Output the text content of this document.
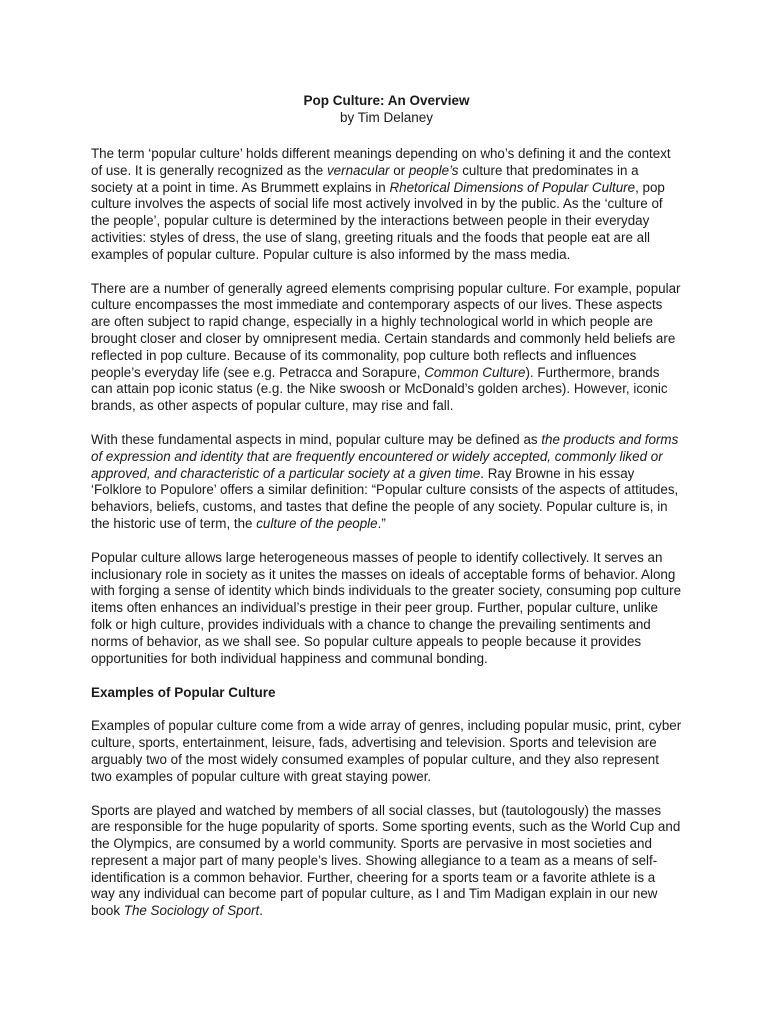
Pop Culture: An Overview

by Tim Delaney

The term ‘popular culture’ holds different meanings depending on who’s defining it and the context of use. It is generally recognized as the vernacular or people’s culture that predominates in a society at a point in time. As Brummett explains in Rhetorical Dimensions of Popular Culture, pop culture involves the aspects of social life most actively involved in by the public. As the ‘culture of the people’, popular culture is determined by the interactions between people in their everyday activities: styles of dress, the use of slang, greeting rituals and the foods that people eat are all examples of popular culture. Popular culture is also informed by the mass media.

There are a number of generally agreed elements comprising popular culture. For example, popular culture encompasses the most immediate and contemporary aspects of our lives. These aspects are often subject to rapid change, especially in a highly technological world in which people are brought closer and closer by omnipresent media. Certain standards and commonly held beliefs are reflected in pop culture. Because of its commonality, pop culture both reflects and influences people’s everyday life (see e.g. Petracca and Sorapure, Common Culture). Furthermore, brands can attain pop iconic status (e.g. the Nike swoosh or McDonald’s golden arches). However, iconic brands, as other aspects of popular culture, may rise and fall.

With these fundamental aspects in mind, popular culture may be defined as the products and forms of expression and identity that are frequently encountered or widely accepted, commonly liked or approved, and characteristic of a particular society at a given time. Ray Browne in his essay ‘Folklore to Populore’ offers a similar definition: “Popular culture consists of the aspects of attitudes, behaviors, beliefs, customs, and tastes that define the people of any society. Popular culture is, in the historic use of term, the culture of the people.”

Popular culture allows large heterogeneous masses of people to identify collectively. It serves an inclusionary role in society as it unites the masses on ideals of acceptable forms of behavior. Along with forging a sense of identity which binds individuals to the greater society, consuming pop culture items often enhances an individual’s prestige in their peer group. Further, popular culture, unlike folk or high culture, provides individuals with a chance to change the prevailing sentiments and norms of behavior, as we shall see. So popular culture appeals to people because it provides opportunities for both individual happiness and communal bonding.

Examples of Popular Culture

Examples of popular culture come from a wide array of genres, including popular music, print, cyber culture, sports, entertainment, leisure, fads, advertising and television. Sports and television are arguably two of the most widely consumed examples of popular culture, and they also represent two examples of popular culture with great staying power.

Sports are played and watched by members of all social classes, but (tautologously) the masses are responsible for the huge popularity of sports. Some sporting events, such as the World Cup and the Olympics, are consumed by a world community. Sports are pervasive in most societies and represent a major part of many people’s lives. Showing allegiance to a team as a means of self-identification is a common behavior. Further, cheering for a sports team or a favorite athlete is a way any individual can become part of popular culture, as I and Tim Madigan explain in our new book The Sociology of Sport.
